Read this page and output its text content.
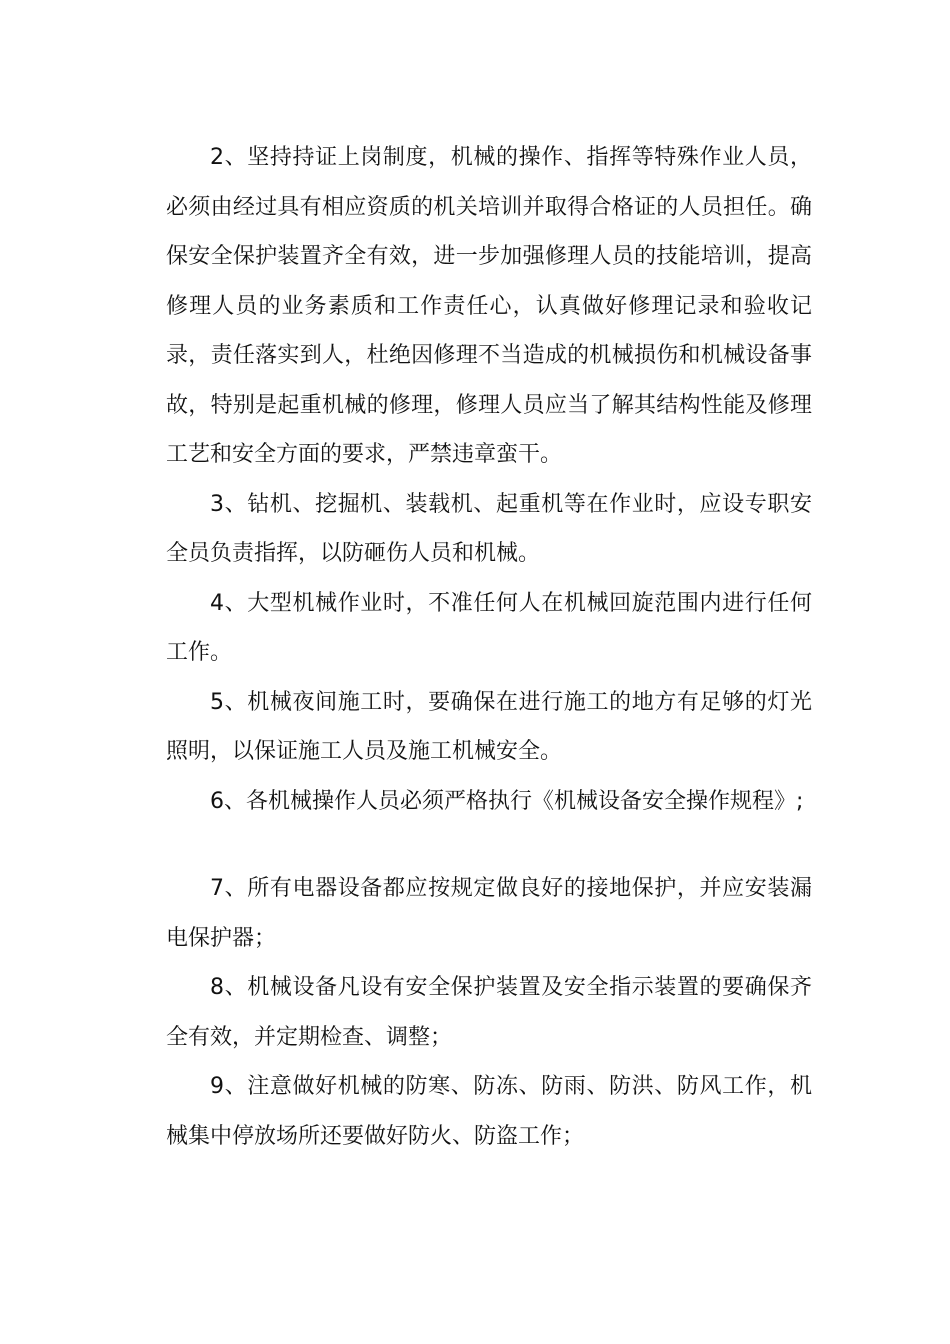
2、坚持持证上岗制度，机械的操作、指挥等特殊作业人员，必须由经过具有相应资质的机关培训并取得合格证的人员担任。确保安全保护装置齐全有效，进一步加强修理人员的技能培训，提高修理人员的业务素质和工作责任心，认真做好修理记录和验收记录，责任落实到人，杜绝因修理不当造成的机械损伤和机械设备事故，特别是起重机械的修理，修理人员应当了解其结构性能及修理工艺和安全方面的要求，严禁违章蛮干。

3、钻机、挖掘机、装载机、起重机等在作业时，应设专职安全员负责指挥，以防砸伤人员和机械。

4、大型机械作业时，不准任何人在机械回旋范围内进行任何工作。

5、机械夜间施工时，要确保在进行施工的地方有足够的灯光照明，以保证施工人员及施工机械安全。

6、各机械操作人员必须严格执行《机械设备安全操作规程》;

7、所有电器设备都应按规定做良好的接地保护，并应安装漏电保护器；

8、机械设备凡设有安全保护装置及安全指示装置的要确保齐全有效，并定期检查、调整；

9、注意做好机械的防寒、防冻、防雨、防洪、防风工作，机械集中停放场所还要做好防火、防盗工作；
